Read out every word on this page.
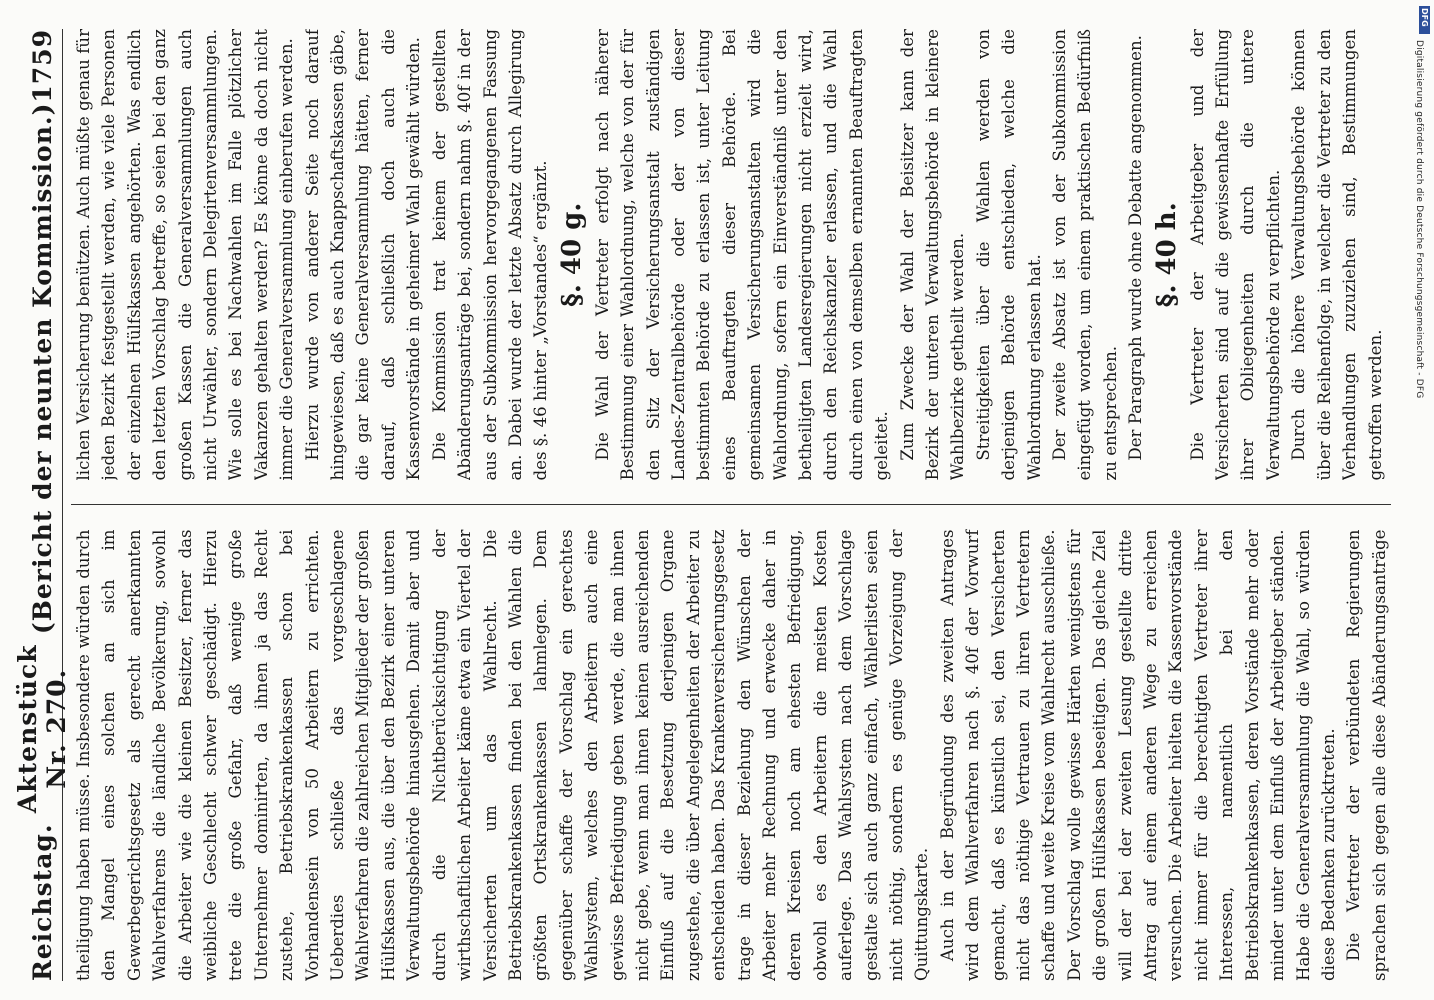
Reichstag.
Aktenstück Nr. 270.
(Bericht der neunten Kommission.)
1759

theiligung haben müsse. Insbesondere würden durch den Mangel eines solchen an sich im Gewerbegerichtsgesetz als gerecht anerkannten Wahlverfahrens die ländliche Bevölkerung, sowohl die Arbeiter wie die kleinen Besitzer, ferner das weibliche Geschlecht schwer geschädigt. Hierzu trete die große Gefahr, daß wenige große Unternehmer dominirten, da ihnen ja das Recht zustehe, Betriebskrankenkassen schon bei Vorhandensein von 50 Arbeitern zu errichten. Ueberdies schließe das vorgeschlagene Wahlverfahren die zahlreichen Mitglieder der großen Hülfskassen aus, die über den Bezirk einer unteren Verwaltungsbehörde hinausgehen. Damit aber und durch die Nichtberücksichtigung der wirthschaftlichen Arbeiter käme etwa ein Viertel der Versicherten um das Wahlrecht. Die Betriebskrankenkassen finden bei den Wahlen die größten Ortskrankenkassen lahmlegen. Dem gegenüber schaffe der Vorschlag ein gerechtes Wahlsystem, welches den Arbeitern auch eine gewisse Befriedigung geben werde, die man ihnen nicht gebe, wenn man ihnen keinen ausreichenden Einfluß auf die Besetzung derjenigen Organe zugestehe, die über Angelegenheiten der Arbeiter zu entscheiden haben. Das Krankenversicherungsgesetz trage in dieser Beziehung den Wünschen der Arbeiter mehr Rechnung und erwecke daher in deren Kreisen noch am ehesten Befriedigung, obwohl es den Arbeitern die meisten Kosten auferlege. Das Wahlsystem nach dem Vorschlage gestalte sich auch ganz einfach, Wählerlisten seien nicht nöthig, sondern es genüge Vorzeigung der Quittungskarte. Auch in der Begründung des zweiten Antrages wird dem Wahlverfahren nach §. 40f der Vorwurf gemacht, daß es künstlich sei, den Versicherten nicht das nöthige Vertrauen zu ihren Vertretern schaffe und weite Kreise vom Wahlrecht ausschließe. Der Vorschlag wolle gewisse Härten wenigstens für die großen Hülfskassen beseitigen. Das gleiche Ziel will der bei der zweiten Lesung gestellte dritte Antrag auf einem anderen Wege zu erreichen versuchen. Die Arbeiter hielten die Kassenvorstände nicht immer für die berechtigten Vertreter ihrer Interessen, namentlich bei den Betriebskrankenkassen, deren Vorstände mehr oder minder unter dem Einfluß der Arbeitgeber ständen. Habe die Generalversammlung die Wahl, so würden diese Bedenken zurücktreten. Die Vertreter der verbündeten Regierungen sprachen sich gegen alle diese Abänderungsanträge

lichen Versicherung benützen. Auch müßte genau für jeden Bezirk festgestellt werden, wie viele Personen der einzelnen Hülfskassen angehörten. Was endlich den letzten Vorschlag betreffe, so seien bei den ganz großen Kassen die Generalversammlungen auch nicht Urwähler, sondern Delegirtenversammlungen. Wie solle es bei Nachwahlen im Falle plötzlicher Vakanzen gehalten werden? Es könne da doch nicht immer die Generalversammlung einberufen werden. Hierzu wurde von anderer Seite noch darauf hingewiesen, daß es auch Knappschaftskassen gäbe, die gar keine Generalversammlung hätten, ferner darauf, daß schließlich doch auch die Kassenvorstände in geheimer Wahl gewählt würden. Die Kommission trat keinem der gestellten Abänderungsanträge bei, sondern nahm §. 40f in der aus der Subkommission hervorgegangenen Fassung an. Dabei wurde der letzte Absatz durch Allegirung des §. 46 hinter „Vorstandes“ ergänzt. §. 40 g. Die Wahl der Vertreter erfolgt nach näherer Bestimmung einer Wahlordnung, welche von der für den Sitz der Versicherungsanstalt zuständigen Landes-Zentralbehörde oder der von dieser bestimmten Behörde zu erlassen ist, unter Leitung eines Beauftragten dieser Behörde. Bei gemeinsamen Versicherungsanstalten wird die Wahlordnung, sofern ein Einverständniß unter den betheiligten Landesregierungen nicht erzielt wird, durch den Reichskanzler erlassen, und die Wahl durch einen von demselben ernannten Beauftragten geleitet. Zum Zwecke der Wahl der Beisitzer kann der Bezirk der unteren Verwaltungsbehörde in kleinere Wahlbezirke getheilt werden. Streitigkeiten über die Wahlen werden von derjenigen Behörde entschieden, welche die Wahlordnung erlassen hat. Der zweite Absatz ist von der Subkommission eingefügt worden, um einem praktischen Bedürfniß zu entsprechen. Der Paragraph wurde ohne Debatte angenommen. §. 40 h. Die Vertreter der Arbeitgeber und der Versicherten sind auf die gewissenhafte Erfüllung ihrer Obliegenheiten durch die untere Verwaltungsbehörde zu verpflichten. Durch die höhere Verwaltungsbehörde können über die Reihenfolge, in welcher die Vertreter zu den Verhandlungen zuzuziehen sind, Bestimmungen getroffen werden.

DFG
Digitalisierung gefördert durch die Deutsche Forschungsgemeinschaft - DFG
